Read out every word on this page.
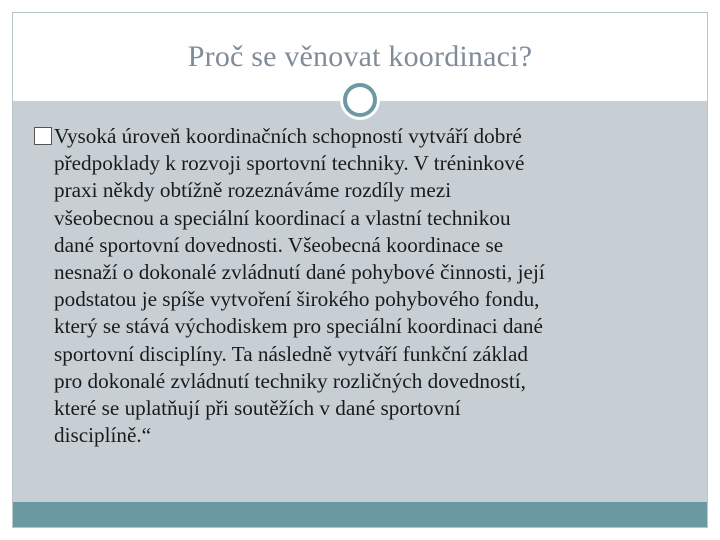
Proč se věnovat koordinaci?
Vysoká úroveň koordinačních schopností vytváří dobré
předpoklady k rozvoji sportovní techniky. V tréninkové
praxi někdy obtížně rozeznáváme rozdíly mezi
všeobecnou a speciální koordinací a vlastní technikou
dané sportovní dovednosti. Všeobecná koordinace se
nesnaží o dokonalé zvládnutí dané pohybové činnosti, její
podstatou je spíše vytvoření širokého pohybového fondu,
který se stává východiskem pro speciální koordinaci dané
sportovní disciplíny. Ta následně vytváří funkční základ
pro dokonalé zvládnutí techniky rozličných dovedností,
které se uplatňují při soutěžích v dané sportovní
disciplíně.“
